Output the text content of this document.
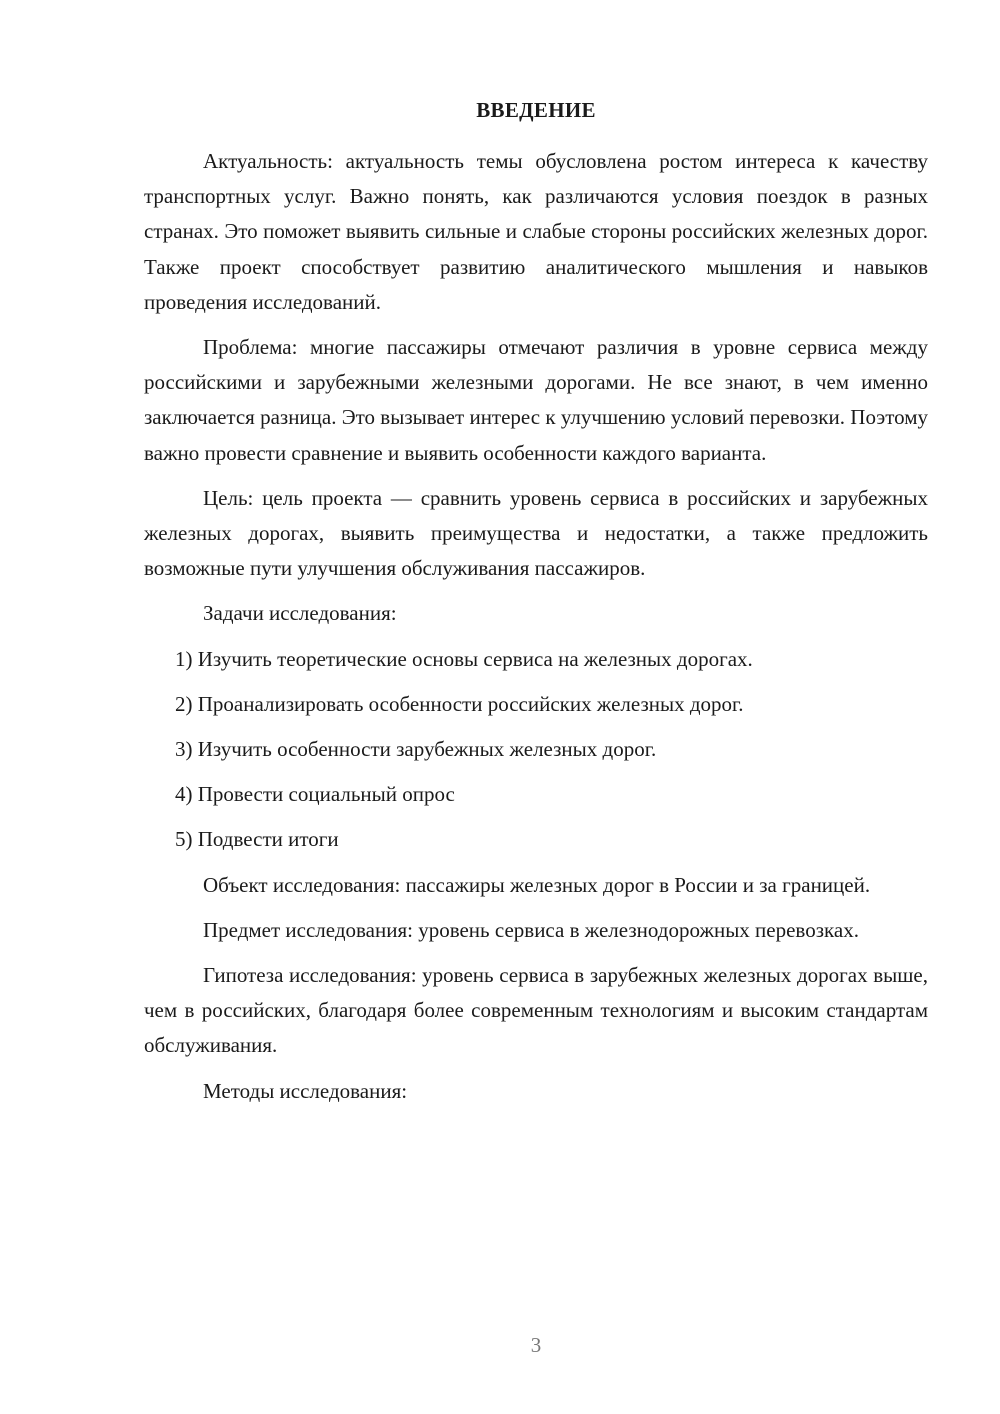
ВВЕДЕНИЕ

Актуальность: актуальность темы обусловлена ростом интереса к качеству транспортных услуг. Важно понять, как различаются условия поездок в разных странах. Это поможет выявить сильные и слабые стороны российских железных дорог. Также проект способствует развитию аналитического мышления и навыков проведения исследований.

Проблема: многие пассажиры отмечают различия в уровне сервиса между российскими и зарубежными железными дорогами. Не все знают, в чем именно заключается разница. Это вызывает интерес к улучшению условий перевозки. Поэтому важно провести сравнение и выявить особенности каждого варианта.

Цель: цель проекта — сравнить уровень сервиса в российских и зарубежных железных дорогах, выявить преимущества и недостатки, а также предложить возможные пути улучшения обслуживания пассажиров.

Задачи исследования:

1) Изучить теоретические основы сервиса на железных дорогах.
2) Проанализировать особенности российских железных дорог.
3) Изучить особенности зарубежных железных дорог.
4) Провести социальный опрос
5) Подвести итоги

Объект исследования: пассажиры железных дорог в России и за границей.

Предмет исследования: уровень сервиса в железнодорожных перевозках.

Гипотеза исследования: уровень сервиса в зарубежных железных дорогах выше, чем в российских, благодаря более современным технологиям и высоким стандартам обслуживания.

Методы исследования:

3
